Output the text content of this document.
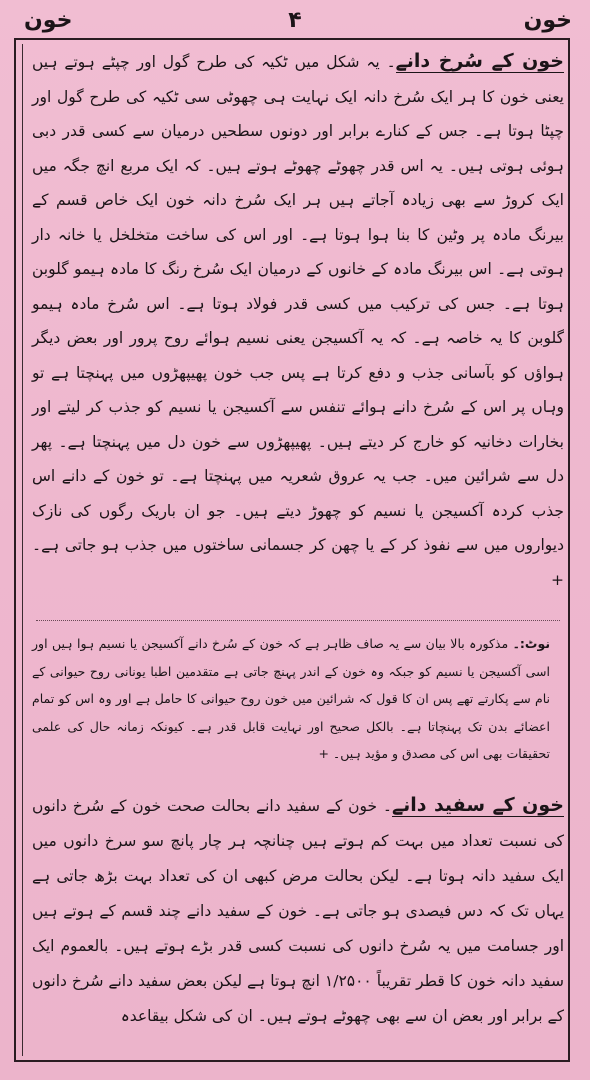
خون
۴
خون
خون کے سُرخ دانے۔ یہ شکل میں ٹکیہ کی طرح گول اور چپٹے ہوتے ہیں یعنی خون کا ہر ایک سُرخ دانہ ایک نہایت ہی چھوٹی سی ٹکیہ کی طرح گول اور چپٹا ہوتا ہے۔ جس کے کنارے برابر اور دونوں سطحیں درمیان سے کسی قدر دبی ہوئی ہوتی ہیں۔ یہ اس قدر چھوٹے چھوٹے ہوتے ہیں۔ کہ ایک مربع انچ جگہ میں ایک کروڑ سے بھی زیادہ آجاتے ہیں ہر ایک سُرخ دانہ خون ایک خاص قسم کے بیرنگ مادہ پر وٹین کا بنا ہوا ہوتا ہے۔ اور اس کی ساخت متخلخل یا خانہ دار ہوتی ہے۔ اس بیرنگ مادہ کے خانوں کے درمیان ایک سُرخ رنگ کا مادہ ہیمو گلوبن ہوتا ہے۔ جس کی ترکیب میں کسی قدر فولاد ہوتا ہے۔ اس سُرخ مادہ ہیمو گلوبن کا یہ خاصہ ہے۔ کہ یہ آکسیجن یعنی نسیم ہوائے روح پرور اور بعض دیگر ہواؤں کو بآسانی جذب و دفع کرتا ہے پس جب خون پھیپھڑوں میں پہنچتا ہے تو وہاں پر اس کے سُرخ دانے ہوائے تنفس سے آکسیجن یا نسیم کو جذب کر لیتے اور بخارات دخانیہ کو خارج کر دیتے ہیں۔ پھیپھڑوں سے خون دل میں پہنچتا ہے۔ پھر دل سے شرائین میں۔ جب یہ عروق شعریہ میں پہنچتا ہے۔ تو خون کے دانے اس جذب کردہ آکسیجن یا نسیم کو چھوڑ دیتے ہیں۔ جو ان باریک رگوں کی نازک دیواروں میں سے نفوذ کر کے یا چھن کر جسمانی ساختوں میں جذب ہو جاتی ہے۔ +
نوٹ:۔ مذکورہ بالا بیان سے یہ صاف ظاہر ہے کہ خون کے سُرخ دانے آکسیجن یا نسیم ہوا ہیں اور اسی آکسیجن یا نسیم کو جبکہ وہ خون کے اندر پہنچ جاتی ہے متقدمین اطبا یونانی روح حیوانی کے نام سے پکارتے تھے پس ان کا قول کہ شرائین میں خون روح حیوانی کا حامل ہے اور وہ اس کو تمام اعضائے بدن تک پہنچاتا ہے۔ بالکل صحیح اور نہایت قابل قدر ہے۔ کیونکہ زمانہ حال کی علمی تحقیقات بھی اس کی مصدق و مؤید ہیں۔ +
خون کے سفید دانے۔ خون کے سفید دانے بحالت صحت خون کے سُرخ دانوں کی نسبت تعداد میں بہت کم ہوتے ہیں چنانچہ ہر چار پانچ سو سرخ دانوں میں ایک سفید دانہ ہوتا ہے۔ لیکن بحالت مرض کبھی ان کی تعداد بہت بڑھ جاتی ہے یہاں تک کہ دس فیصدی ہو جاتی ہے۔ خون کے سفید دانے چند قسم کے ہوتے ہیں اور جسامت میں یہ سُرخ دانوں کی نسبت کسی قدر بڑے ہوتے ہیں۔ بالعموم ایک سفید دانہ خون کا قطر تقریباً ۱/۲۵۰۰ انچ ہوتا ہے لیکن بعض سفید دانے سُرخ دانوں کے برابر اور بعض ان سے بھی چھوٹے ہوتے ہیں۔ ان کی شکل بیقاعدہ
